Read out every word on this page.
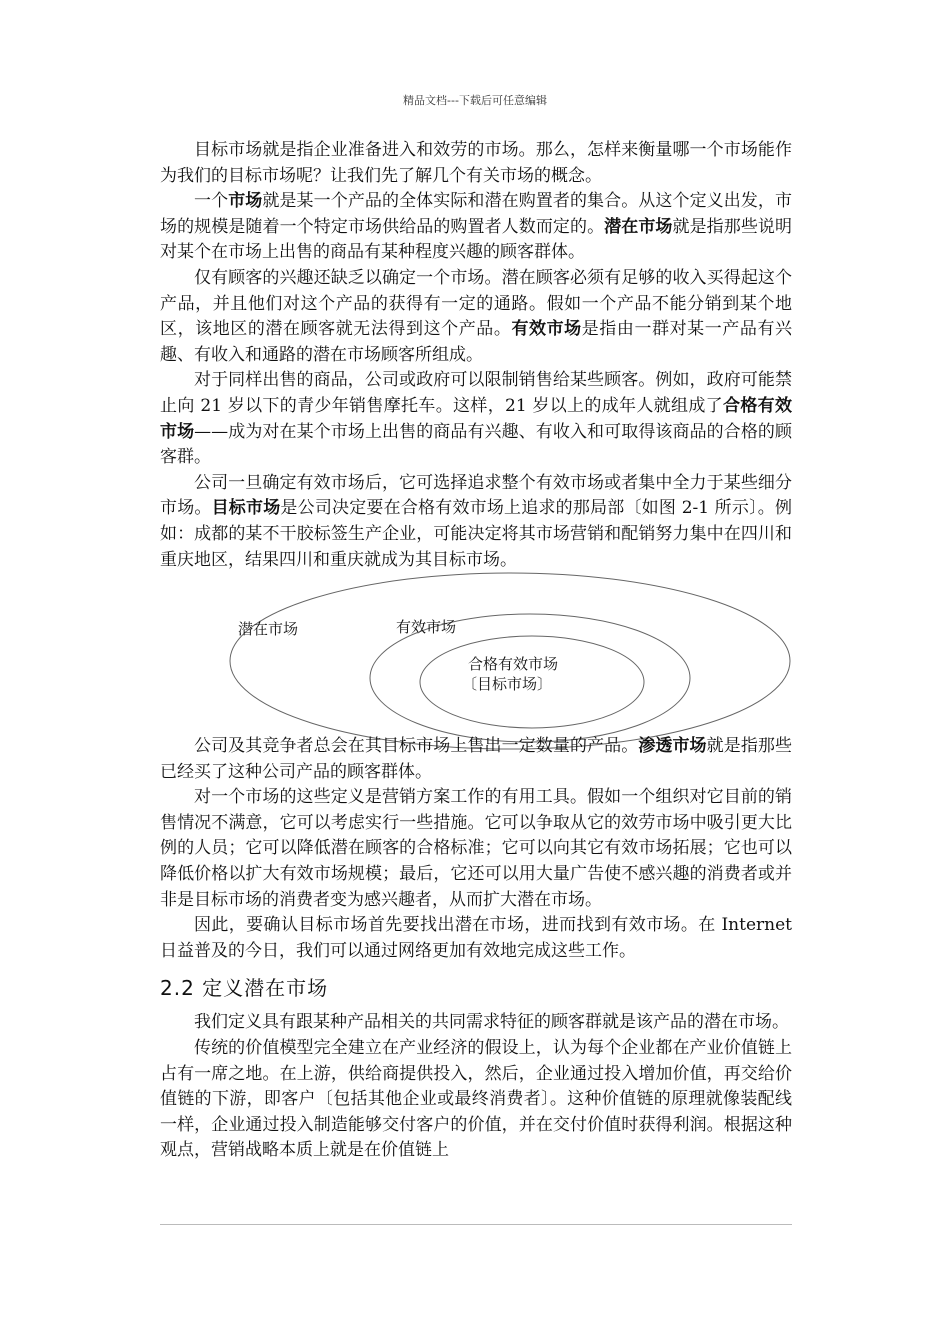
精品文档---下载后可任意编辑

目标市场就是指企业准备进入和效劳的市场。那么，怎样来衡量哪一个市场能作为我们的目标市场呢？让我们先了解几个有关市场的概念。

一个市场就是某一个产品的全体实际和潜在购置者的集合。从这个定义出发，市场的规模是随着一个特定市场供给品的购置者人数而定的。潜在市场就是指那些说明对某个在市场上出售的商品有某种程度兴趣的顾客群体。

仅有顾客的兴趣还缺乏以确定一个市场。潜在顾客必须有足够的收入买得起这个产品，并且他们对这个产品的获得有一定的通路。假如一个产品不能分销到某个地区，该地区的潜在顾客就无法得到这个产品。有效市场是指由一群对某一产品有兴趣、有收入和通路的潜在市场顾客所组成。

对于同样出售的商品，公司或政府可以限制销售给某些顾客。例如，政府可能禁止向 21 岁以下的青少年销售摩托车。这样，21 岁以上的成年人就组成了合格有效市场——成为对在某个市场上出售的商品有兴趣、有收入和可取得该商品的合格的顾客群。

公司一旦确定有效市场后，它可选择追求整个有效市场或者集中全力于某些细分市场。目标市场是公司决定要在合格有效市场上追求的那局部〔如图 2-1 所示〕。例如：成都的某不干胶标签生产企业，可能决定将其市场营销和配销努力集中在四川和重庆地区，结果四川和重庆就成为其目标市场。

潜在市场	有效市场
合格有效市场
〔目标市场〕

公司及其竞争者总会在其目标市场上售出一定数量的产品。渗透市场就是指那些已经买了这种公司产品的顾客群体。

对一个市场的这些定义是营销方案工作的有用工具。假如一个组织对它目前的销售情况不满意，它可以考虑实行一些措施。它可以争取从它的效劳市场中吸引更大比例的人员；它可以降低潜在顾客的合格标准；它可以向其它有效市场拓展；它也可以降低价格以扩大有效市场规模；最后，它还可以用大量广告使不感兴趣的消费者或并非是目标市场的消费者变为感兴趣者，从而扩大潜在市场。

因此，要确认目标市场首先要找出潜在市场，进而找到有效市场。在 Internet 日益普及的今日，我们可以通过网络更加有效地完成这些工作。

2.2 定义潜在市场

我们定义具有跟某种产品相关的共同需求特征的顾客群就是该产品的潜在市场。

传统的价值模型完全建立在产业经济的假设上，认为每个企业都在产业价值链上占有一席之地。在上游，供给商提供投入，然后，企业通过投入增加价值，再交给价值链的下游，即客户〔包括其他企业或最终消费者〕。这种价值链的原理就像装配线一样，企业通过投入制造能够交付客户的价值，并在交付价值时获得利润。根据这种观点，营销战略本质上就是在价值链上
